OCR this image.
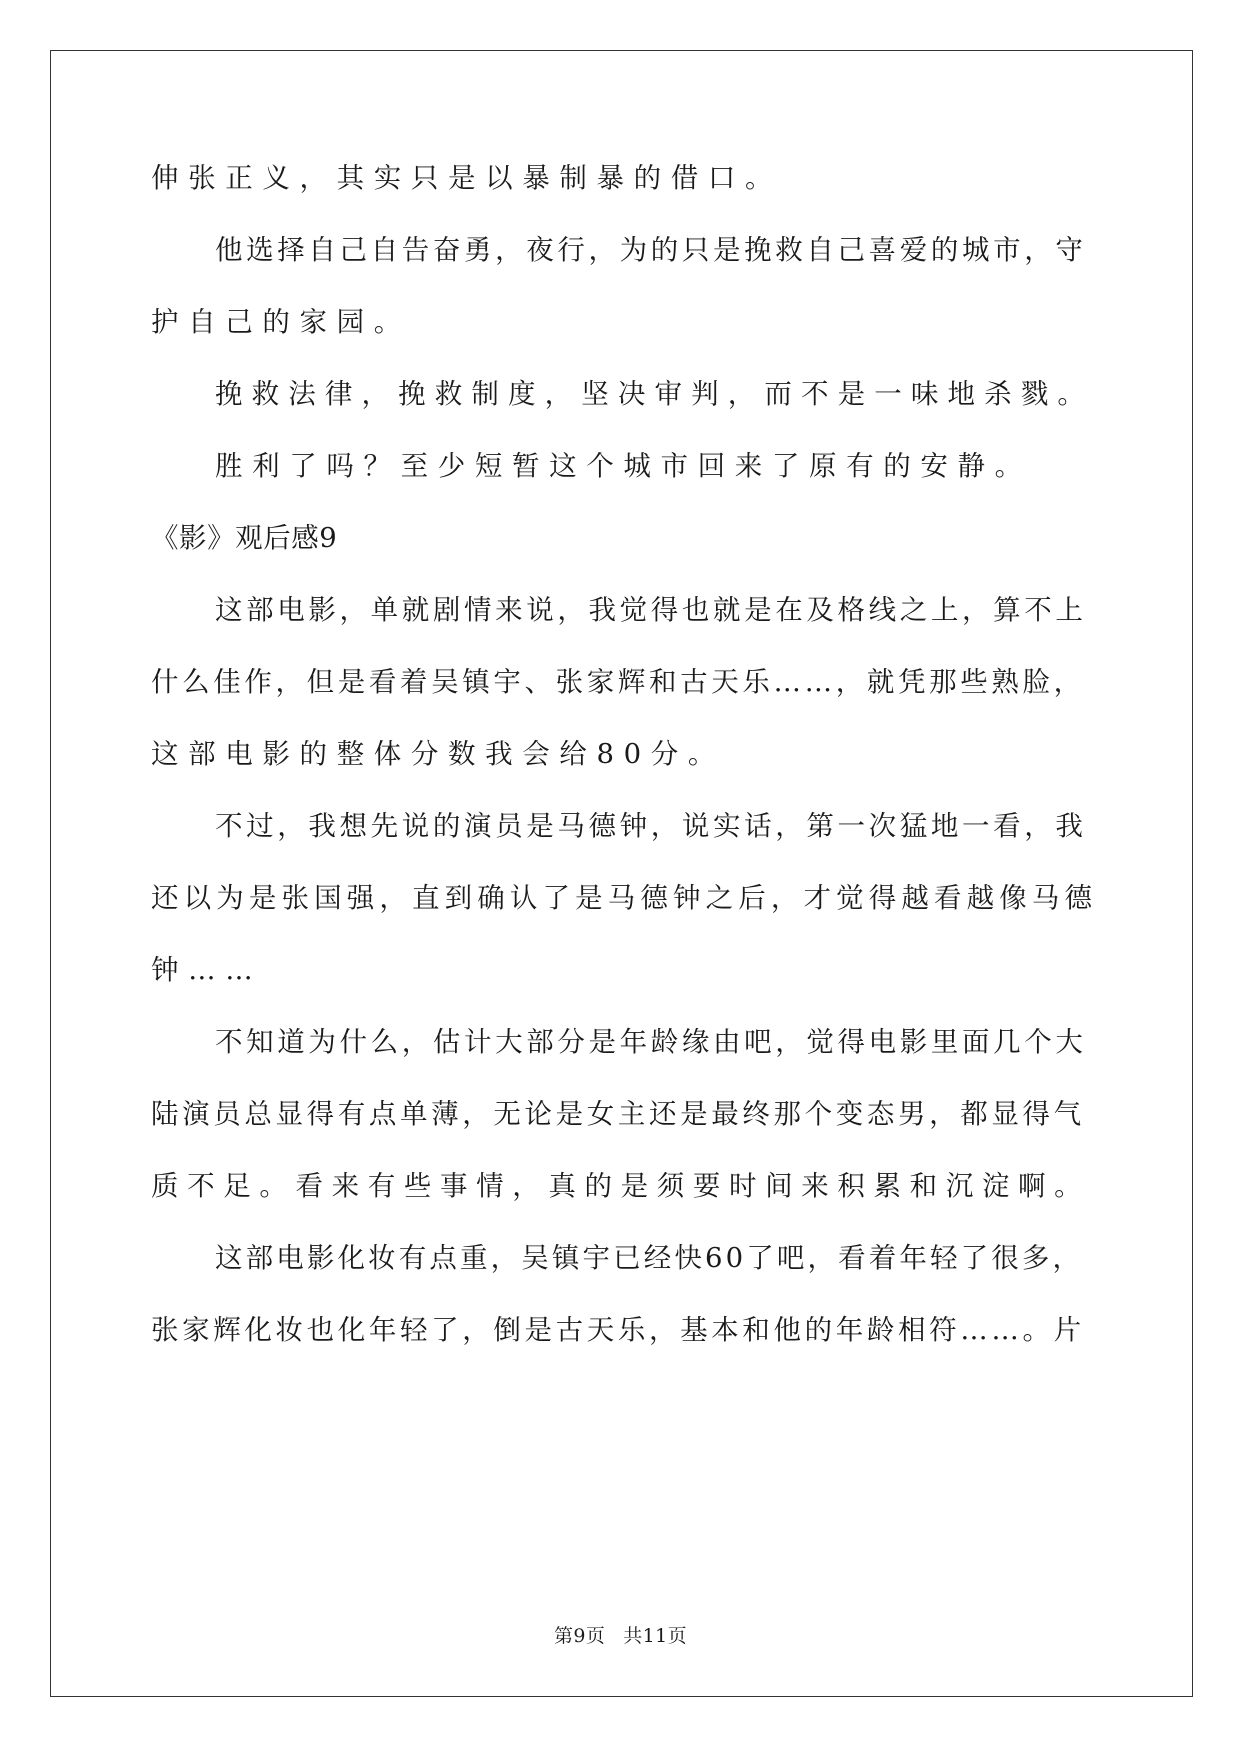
伸张正义，其实只是以暴制暴的借口。
他选择自己自告奋勇，夜行，为的只是挽救自己喜爱的城市，守
护自己的家园。
挽救法律，挽救制度，坚决审判，而不是一味地杀戮。
胜利了吗？至少短暂这个城市回来了原有的安静。
《影》观后感9
这部电影，单就剧情来说，我觉得也就是在及格线之上，算不上
什么佳作，但是看着吴镇宇、张家辉和古天乐……，就凭那些熟脸，
这部电影的整体分数我会给80分。
不过，我想先说的演员是马德钟，说实话，第一次猛地一看，我
还以为是张国强，直到确认了是马德钟之后，才觉得越看越像马德
钟……
不知道为什么，估计大部分是年龄缘由吧，觉得电影里面几个大
陆演员总显得有点单薄，无论是女主还是最终那个变态男，都显得气
质不足。看来有些事情，真的是须要时间来积累和沉淀啊。
这部电影化妆有点重，吴镇宇已经快60了吧，看着年轻了很多，
张家辉化妆也化年轻了，倒是古天乐，基本和他的年龄相符……。片
第9页 共11页
